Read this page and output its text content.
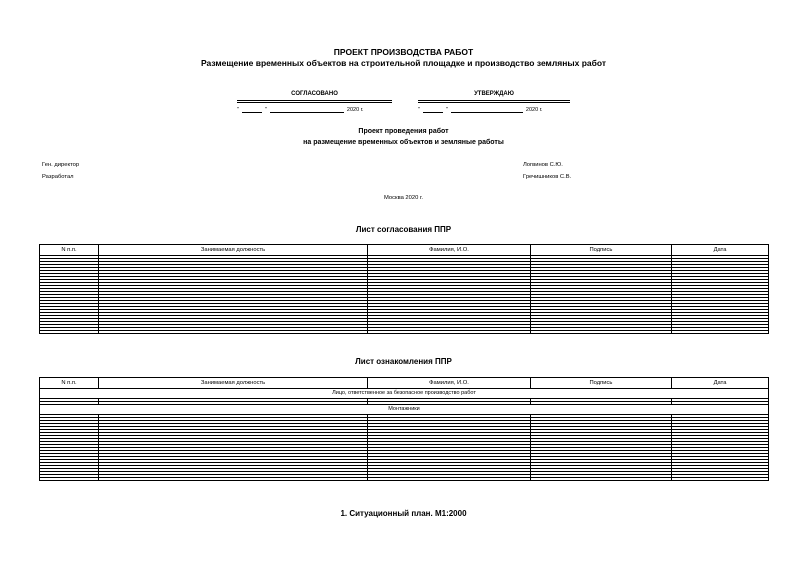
ПРОЕКТ ПРОИЗВОДСТВА РАБОТ
Размещение временных объектов на строительной площадке и производство земляных работ
СОГЛАСОВАНО
"	"	2020 г.
УТВЕРЖДАЮ
"	"	2020 г.
Проект проведения работ
на размещение временных объектов и земляные работы
Ген. директор	Логвинов С.Ю.
Разработал	Гречишников С.В.
Москва 2020 г.
Лист согласования ППР
N п.п.	Занимаемая должность	Фамилия, И.О.	Подпись	Дата

Лист ознакомления ППР
N п.п.	Занимаемая должность	Фамилия, И.О.	Подпись	Дата
Лицо, ответственное за безопасное производство работ				

Монтажники				

1. Ситуационный план. М1:2000
